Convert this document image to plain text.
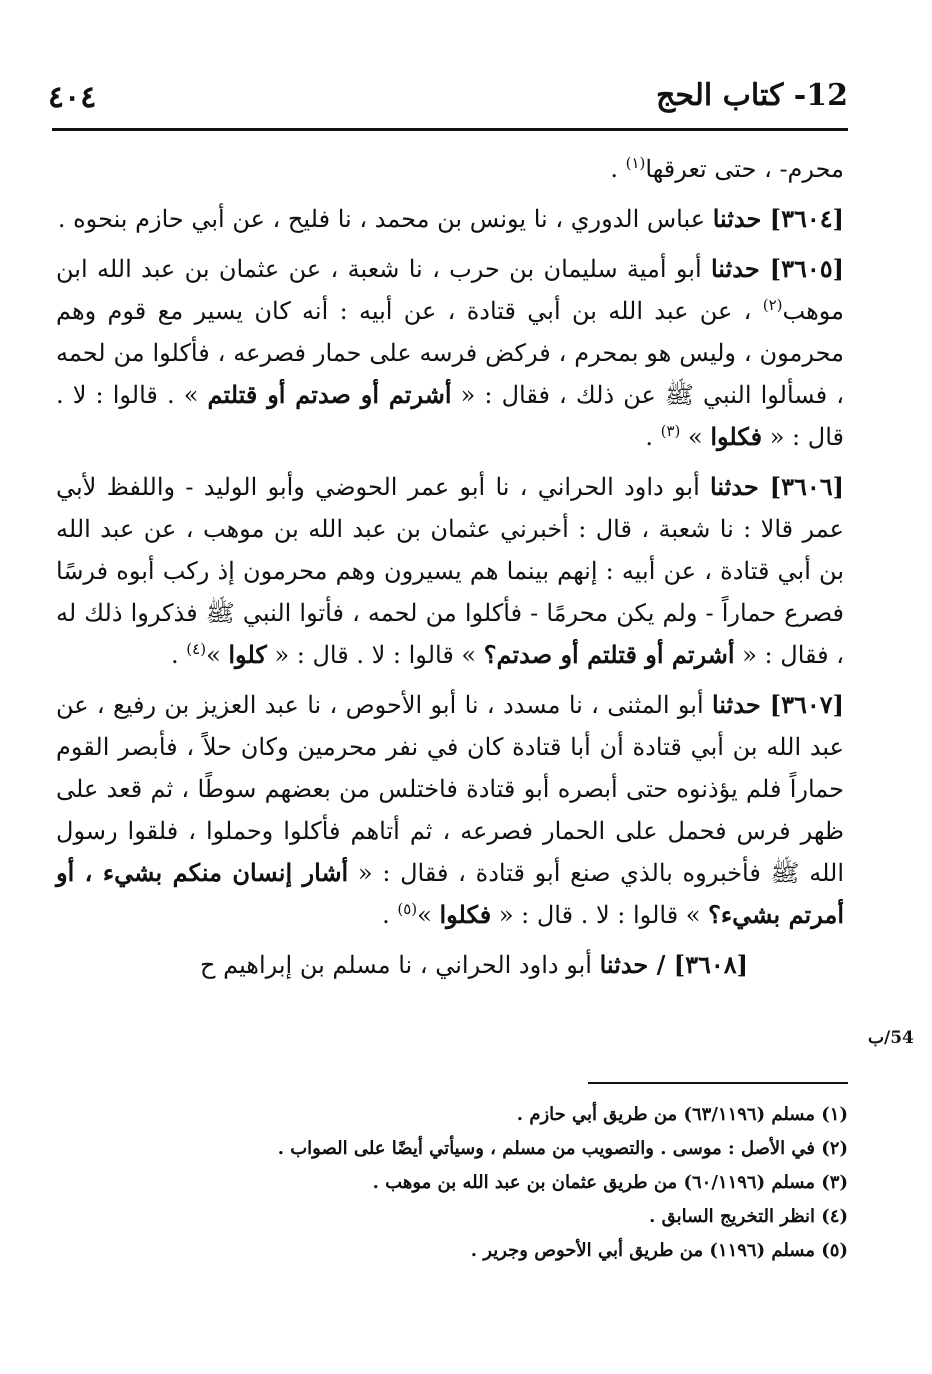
٤٠٤	12- كتاب الحج

محرم- ، حتى تعرقها$^{(١)}$ .

[٣٦٠٤] حدثنا عباس الدوري ، نا يونس بن محمد ، نا فليح ، عن أبي حازم بنحوه .

[٣٦٠٥] حدثنا أبو أمية سليمان بن حرب ، نا شعبة ، عن عثمان بن عبد الله ابن موهب$^{(٢)}$ ، عن عبد الله بن أبي قتادة ، عن أبيه : أنه كان يسير مع قوم وهم محرمون ، وليس هو بمحرم ، فركض فرسه على حمار فصرعه ، فأكلوا من لحمه ، فسألوا النبي ﷺ عن ذلك ، فقال : « أشرتم أو صدتم أو قتلتم » . قالوا : لا . قال : « فكلوا » $^{(٣)}$ .

[٣٦٠٦] حدثنا أبو داود الحراني ، نا أبو عمر الحوضي وأبو الوليد - واللفظ لأبي عمر قالا : نا شعبة ، قال : أخبرني عثمان بن عبد الله بن موهب ، عن عبد الله بن أبي قتادة ، عن أبيه : إنهم بينما هم يسيرون وهم محرمون إذ ركب أبوه فرسًا فصرع حماراً - ولم يكن محرمًا - فأكلوا من لحمه ، فأتوا النبي ﷺ فذكروا ذلك له ، فقال : « أشرتم أو قتلتم أو صدتم؟ » قالوا : لا . قال : « كلوا »$^{(٤)}$ .

[٣٦٠٧] حدثنا أبو المثنى ، نا مسدد ، نا أبو الأحوص ، نا عبد العزيز بن رفيع ، عن عبد الله بن أبي قتادة أن أبا قتادة كان في نفر محرمين وكان حلاً ، فأبصر القوم حماراً فلم يؤذنوه حتى أبصره أبو قتادة فاختلس من بعضهم سوطًا ، ثم قعد على ظهر فرس فحمل على الحمار فصرعه ، ثم أتاهم فأكلوا وحملوا ، فلقوا رسول الله ﷺ فأخبروه بالذي صنع أبو قتادة ، فقال : « أشار إنسان منكم بشيء ، أو أمرتم بشيء؟ » قالوا : لا . قال : « فكلوا »$^{(٥)}$ .

[٣٦٠٨] / حدثنا أبو داود الحراني ، نا مسلم بن إبراهيم ح

54/ب

(١) مسلم (٦٣/١١٩٦) من طريق أبي حازم .

(٢) في الأصل : موسى . والتصويب من مسلم ، وسيأتي أيضًا على الصواب .

(٣) مسلم (٦٠/١١٩٦) من طريق عثمان بن عبد الله بن موهب .

(٤) انظر التخريج السابق .

(٥) مسلم (١١٩٦) من طريق أبي الأحوص وجرير .
